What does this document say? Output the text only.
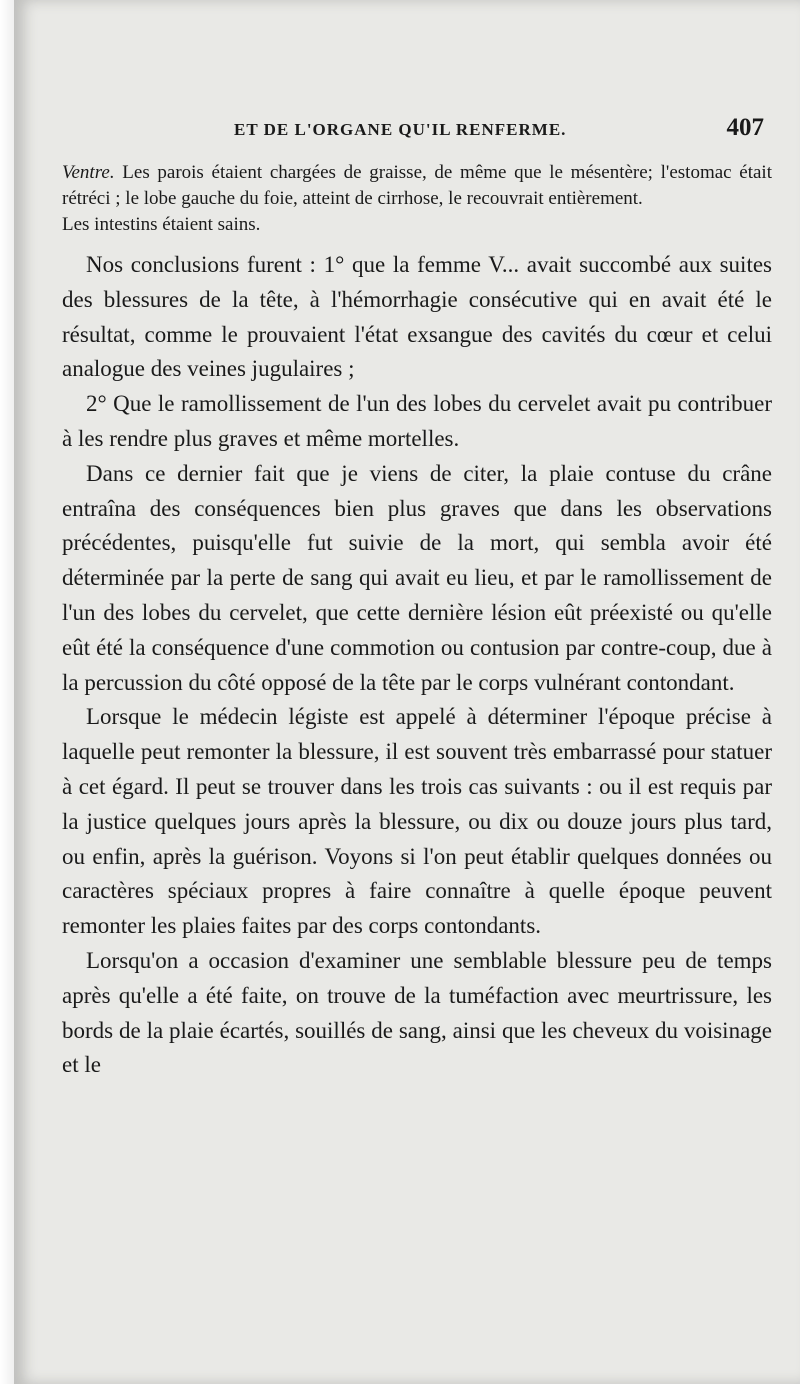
ET DE L'ORGANE QU'IL RENFERME.	407

Ventre. Les parois étaient chargées de graisse, de même que le mésentère; l'estomac était rétréci ; le lobe gauche du foie, atteint de cirrhose, le recouvrait entièrement.

Les intestins étaient sains.

Nos conclusions furent : 1° que la femme V... avait succombé aux suites des blessures de la tête, à l'hémorrhagie consécutive qui en avait été le résultat, comme le prouvaient l'état exsangue des cavités du cœur et celui analogue des veines jugulaires ;

2° Que le ramollissement de l'un des lobes du cervelet avait pu contribuer à les rendre plus graves et même mortelles.

Dans ce dernier fait que je viens de citer, la plaie contuse du crâne entraîna des conséquences bien plus graves que dans les observations précédentes, puisqu'elle fut suivie de la mort, qui sembla avoir été déterminée par la perte de sang qui avait eu lieu, et par le ramollissement de l'un des lobes du cervelet, que cette dernière lésion eût préexisté ou qu'elle eût été la conséquence d'une commotion ou contusion par contre-coup, due à la percussion du côté opposé de la tête par le corps vulnérant contondant.

Lorsque le médecin légiste est appelé à déterminer l'époque précise à laquelle peut remonter la blessure, il est souvent très embarrassé pour statuer à cet égard. Il peut se trouver dans les trois cas suivants : ou il est requis par la justice quelques jours après la blessure, ou dix ou douze jours plus tard, ou enfin, après la guérison. Voyons si l'on peut établir quelques données ou caractères spéciaux propres à faire connaître à quelle époque peuvent remonter les plaies faites par des corps contondants.

Lorsqu'on a occasion d'examiner une semblable blessure peu de temps après qu'elle a été faite, on trouve de la tuméfaction avec meurtrissure, les bords de la plaie écartés, souillés de sang, ainsi que les cheveux du voisinage et le
